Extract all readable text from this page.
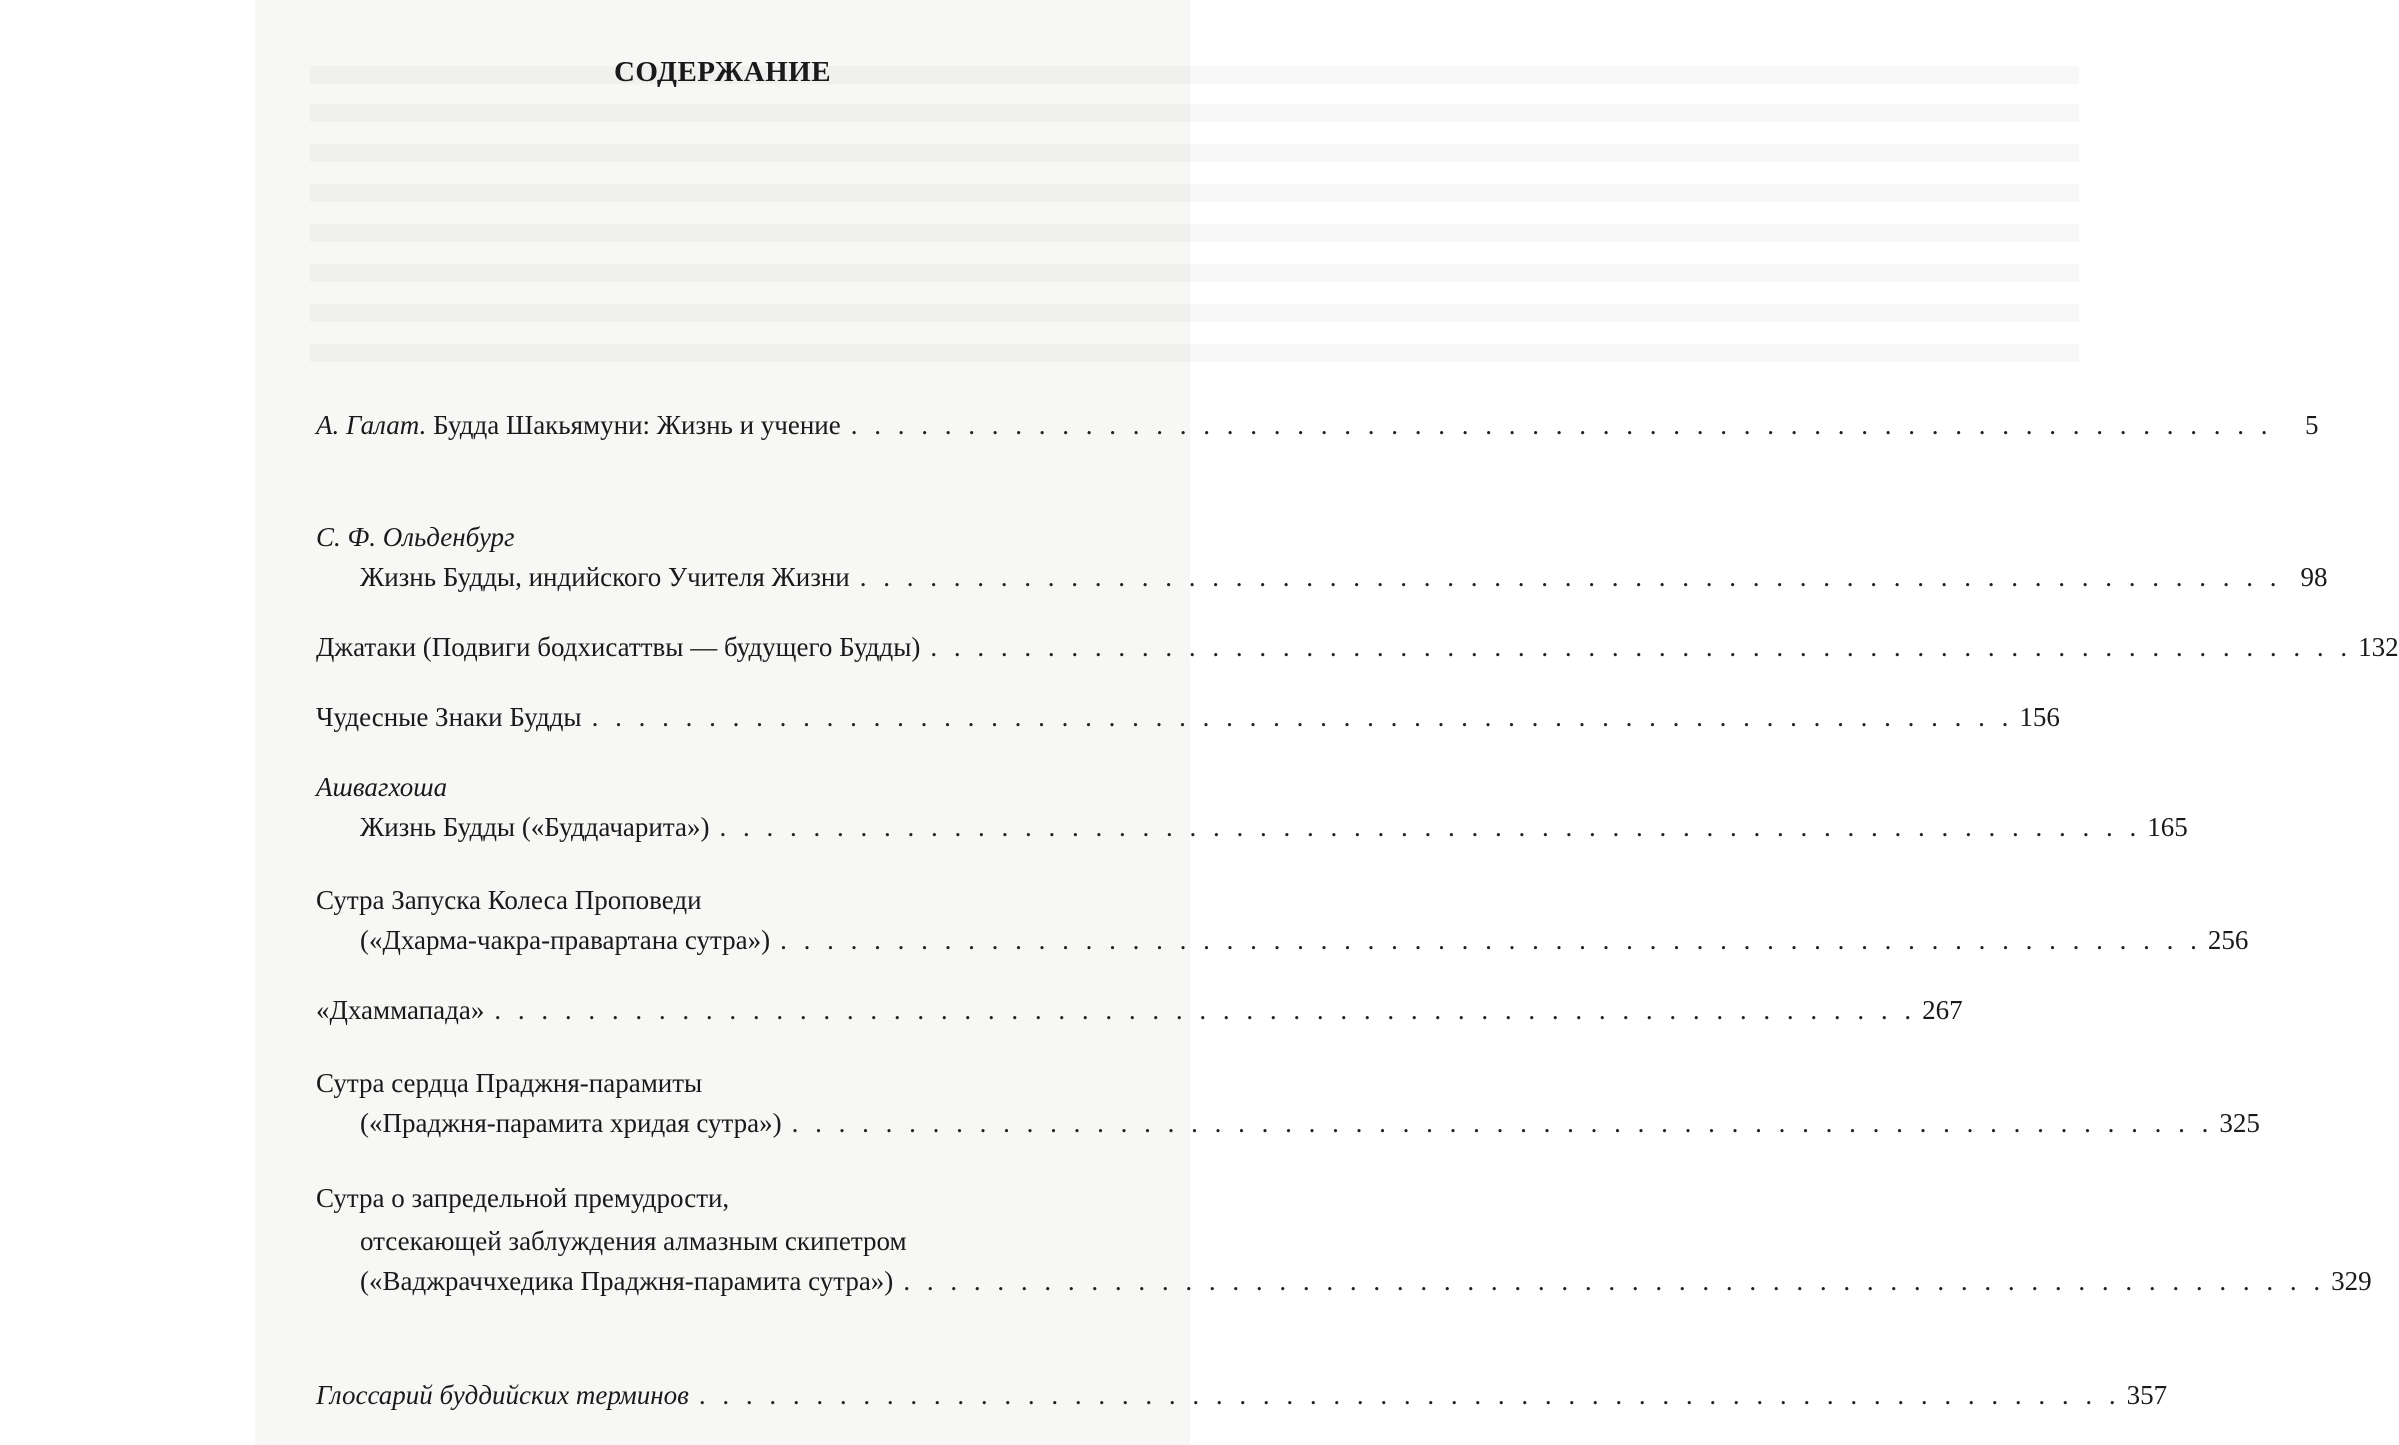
СОДЕРЖАНИЕ
А. Галат. Будда Шакьямуни: Жизнь и учение . . . . . . . . . . . . . . . . . . . . . . . . . . . . . . . . . . . . . . . . . . . . . . . . . . . . . . . . . . . . .	5
С. Ф. Ольденбург
Жизнь Будды, индийского Учителя Жизни . . . . . . . . . . . . . . . . . . . . . . . . . . . . . . . . . . . . . . . . . . . . . . . . . . . . . . . . . . . . . 98
Джатаки (Подвиги бодхисаттвы — будущего Будды) . . . . . . . . . . . . . . . . . . . . . . . . . . . . . . . . . . . . . . . . . . . . . . . . . . . . . . . . . . . . . 132
Чудесные Знаки Будды . . . . . . . . . . . . . . . . . . . . . . . . . . . . . . . . . . . . . . . . . . . . . . . . . . . . . . . . . . . . . 156
Ашвагхоша
Жизнь Будды («Буддачарита») . . . . . . . . . . . . . . . . . . . . . . . . . . . . . . . . . . . . . . . . . . . . . . . . . . . . . . . . . . . . . 165
Сутра Запуска Колеса Проповеди
(«Дхарма-чакра-правартана сутра») . . . . . . . . . . . . . . . . . . . . . . . . . . . . . . . . . . . . . . . . . . . . . . . . . . . . . . . . . . . . . 256
«Дхаммапада» . . . . . . . . . . . . . . . . . . . . . . . . . . . . . . . . . . . . . . . . . . . . . . . . . . . . . . . . . . . . . 267
Сутра сердца Праджня-парамиты
(«Праджня-парамита хридая сутра») . . . . . . . . . . . . . . . . . . . . . . . . . . . . . . . . . . . . . . . . . . . . . . . . . . . . . . . . . . . . . 325
Сутра о запредельной премудрости,
отсекающей заблуждения алмазным скипетром
(«Ваджраччхедика Праджня-парамита сутра») . . . . . . . . . . . . . . . . . . . . . . . . . . . . . . . . . . . . . . . . . . . . . . . . . . . . . . . . . . . . . 329
Глоссарий буддийских терминов . . . . . . . . . . . . . . . . . . . . . . . . . . . . . . . . . . . . . . . . . . . . . . . . . . . . . . . . . . . . . 357
